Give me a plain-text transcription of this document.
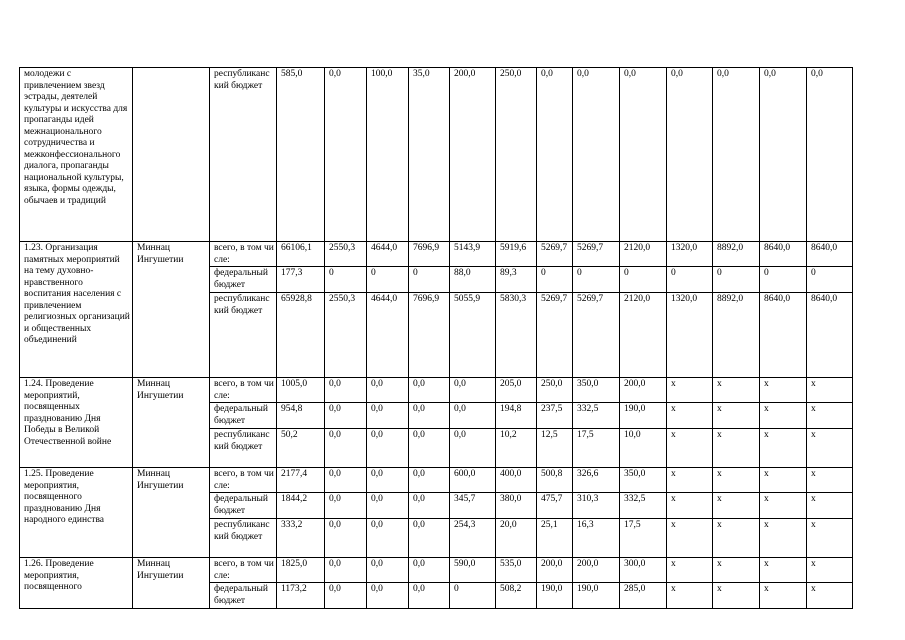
молодежи с привлечением звезд эстрады, деятелей культуры и искусства для пропаганды идей межнационального сотрудничества и межконфессионального диалога, пропаганды национальной культуры, языка, формы одежды, обычаев и традиций		республиканский бюджет	585,0	0,0	100,0	35,0	200,0	250,0	0,0	0,0	0,0	0,0	0,0	0,0	0,0
1.23. Организация памятных мероприятий на тему духовно-нравственного воспитания населения с привлечением религиозных организаций и общественных объединений	Миннац Ингушетии	всего, в том числе:	66106,1	2550,3	4644,0	7696,9	5143,9	5919,6	5269,7	5269,7	2120,0	1320,0	8892,0	8640,0	8640,0
		федеральный бюджет	177,3	0	0	0	88,0	89,3	0	0	0	0	0	0	0
		республиканский бюджет	65928,8	2550,3	4644,0	7696,9	5055,9	5830,3	5269,7	5269,7	2120,0	1320,0	8892,0	8640,0	8640,0
1.24. Проведение мероприятий, посвященных празднованию Дня Победы в Великой Отечественной войне	Миннац Ингушетии	всего, в том числе:	1005,0	0,0	0,0	0,0	0,0	205,0	250,0	350,0	200,0	x	x	x	x
		федеральный бюджет	954,8	0,0	0,0	0,0	0,0	194,8	237,5	332,5	190,0	x	x	x	x
		республиканский бюджет	50,2	0,0	0,0	0,0	0,0	10,2	12,5	17,5	10,0	x	x	x	x
1.25. Проведение мероприятия, посвященного празднованию Дня народного единства	Миннац Ингушетии	всего, в том числе:	2177,4	0,0	0,0	0,0	600,0	400,0	500,8	326,6	350,0	x	x	x	x
		федеральный бюджет	1844,2	0,0	0,0	0,0	345,7	380,0	475,7	310,3	332,5	x	x	x	x
		республиканский бюджет	333,2	0,0	0,0	0,0	254,3	20,0	25,1	16,3	17,5	x	x	x	x
1.26. Проведение мероприятия, посвященного	Миннац Ингушетии	всего, в том числе:	1825,0	0,0	0,0	0,0	590,0	535,0	200,0	200,0	300,0	x	x	x	x
		федеральный бюджет	1173,2	0,0	0,0	0,0	0	508,2	190,0	190,0	285,0	x	x	x	x
